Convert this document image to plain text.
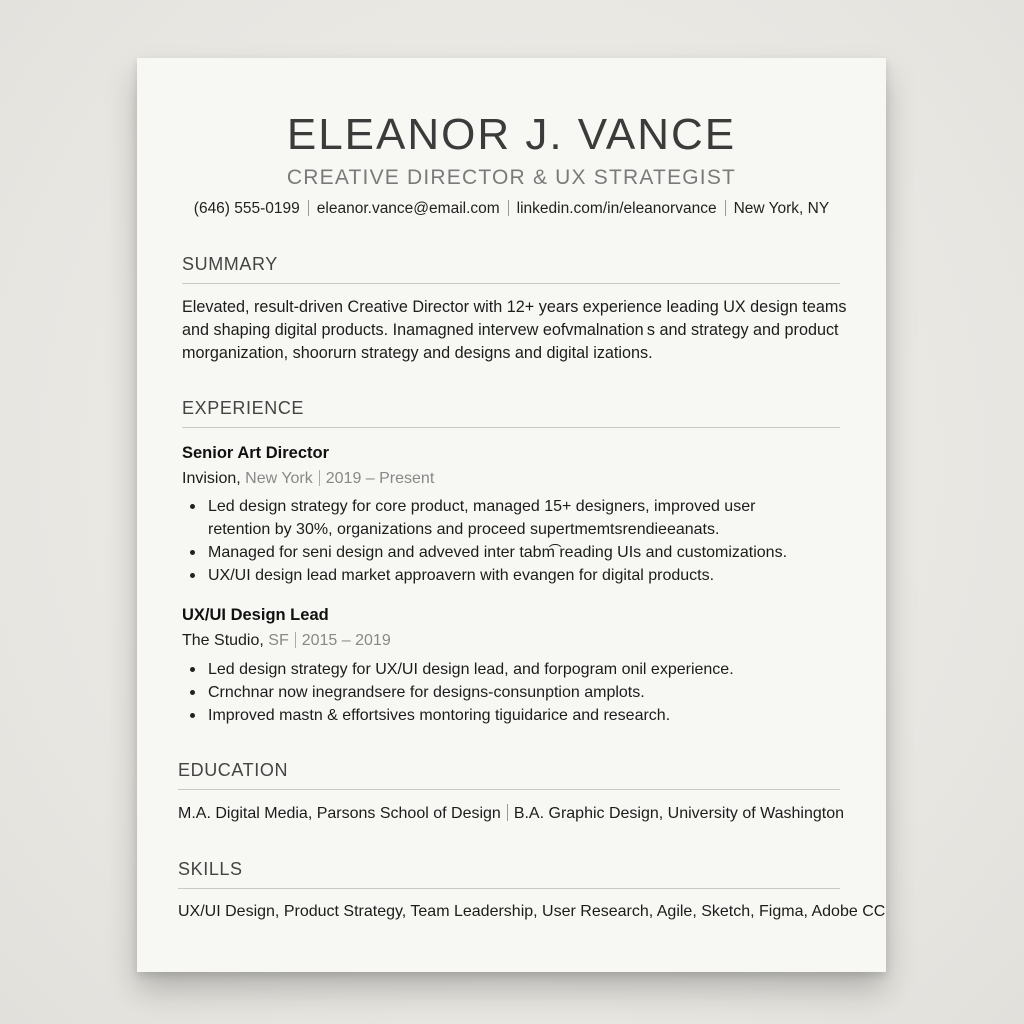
ELEANOR J. VANCE
CREATIVE DIRECTOR & UX STRATEGIST
(646) 555-0199 eleanor.vance@email.com linkedin.com/in/eleanorvance New York, NY
SUMMARY
Elevated, result-driven Creative Director with 12+ years experience leading UX design teams and shaping digital products. Inamagned intervew eofvmalnation s and strategy and product morganization, shoorurn strategy and designs and digital izations.
EXPERIENCE
Senior Art Director
Invision, New York 2019 – Present
Led design strategy for core product, managed 15+ designers, improved user retention by 30%, organizations and proceed supertmemtsrendieeanats.
Managed for seni design and adveved inter tabm͡ reading UIs and customizations.
UX/UI design lead market approavern with evangen for digital products.
UX/UI Design Lead
The Studio, SF 2015 – 2019
Led design strategy for UX/UI design lead, and forpogram onil experience.
Crnchnar now inegrandsere for designs-consunption amplots.
Improved mastn & effortsives montoring tiguidarice and research.
EDUCATION
M.A. Digital Media, Parsons School of Design B.A. Graphic Design, University of Washington
SKILLS
UX/UI Design, Product Strategy, Team Leadership, User Research, Agile, Sketch, Figma, Adobe CC
